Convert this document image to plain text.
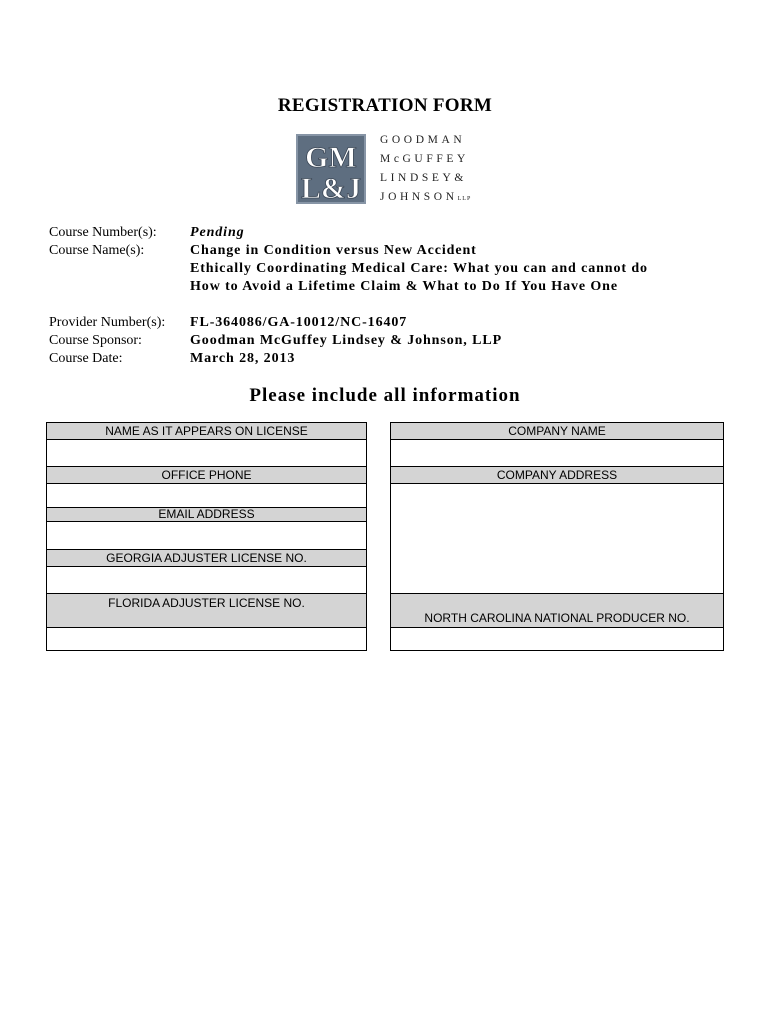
REGISTRATION FORM
GM
L&J
GOODMAN
McGUFFEY
LINDSEY&
JOHNSONLLP
Course Number(s): Pending
Course Name(s):	Change in Condition versus New Accident
Ethically Coordinating Medical Care: What you can and cannot do
How to Avoid a Lifetime Claim & What to Do If You Have One
Provider Number(s): FL-364086/GA-10012/NC-16407
Course Sponsor:	Goodman McGuffey Lindsey & Johnson, LLP
Course Date:	March 28, 2013
Please include all information
NAME AS IT APPEARS ON LICENSE
OFFICE PHONE
EMAIL ADDRESS
GEORGIA ADJUSTER LICENSE NO.
FLORIDA ADJUSTER LICENSE NO.
COMPANY NAME
COMPANY ADDRESS
NORTH CAROLINA NATIONAL PRODUCER NO.
